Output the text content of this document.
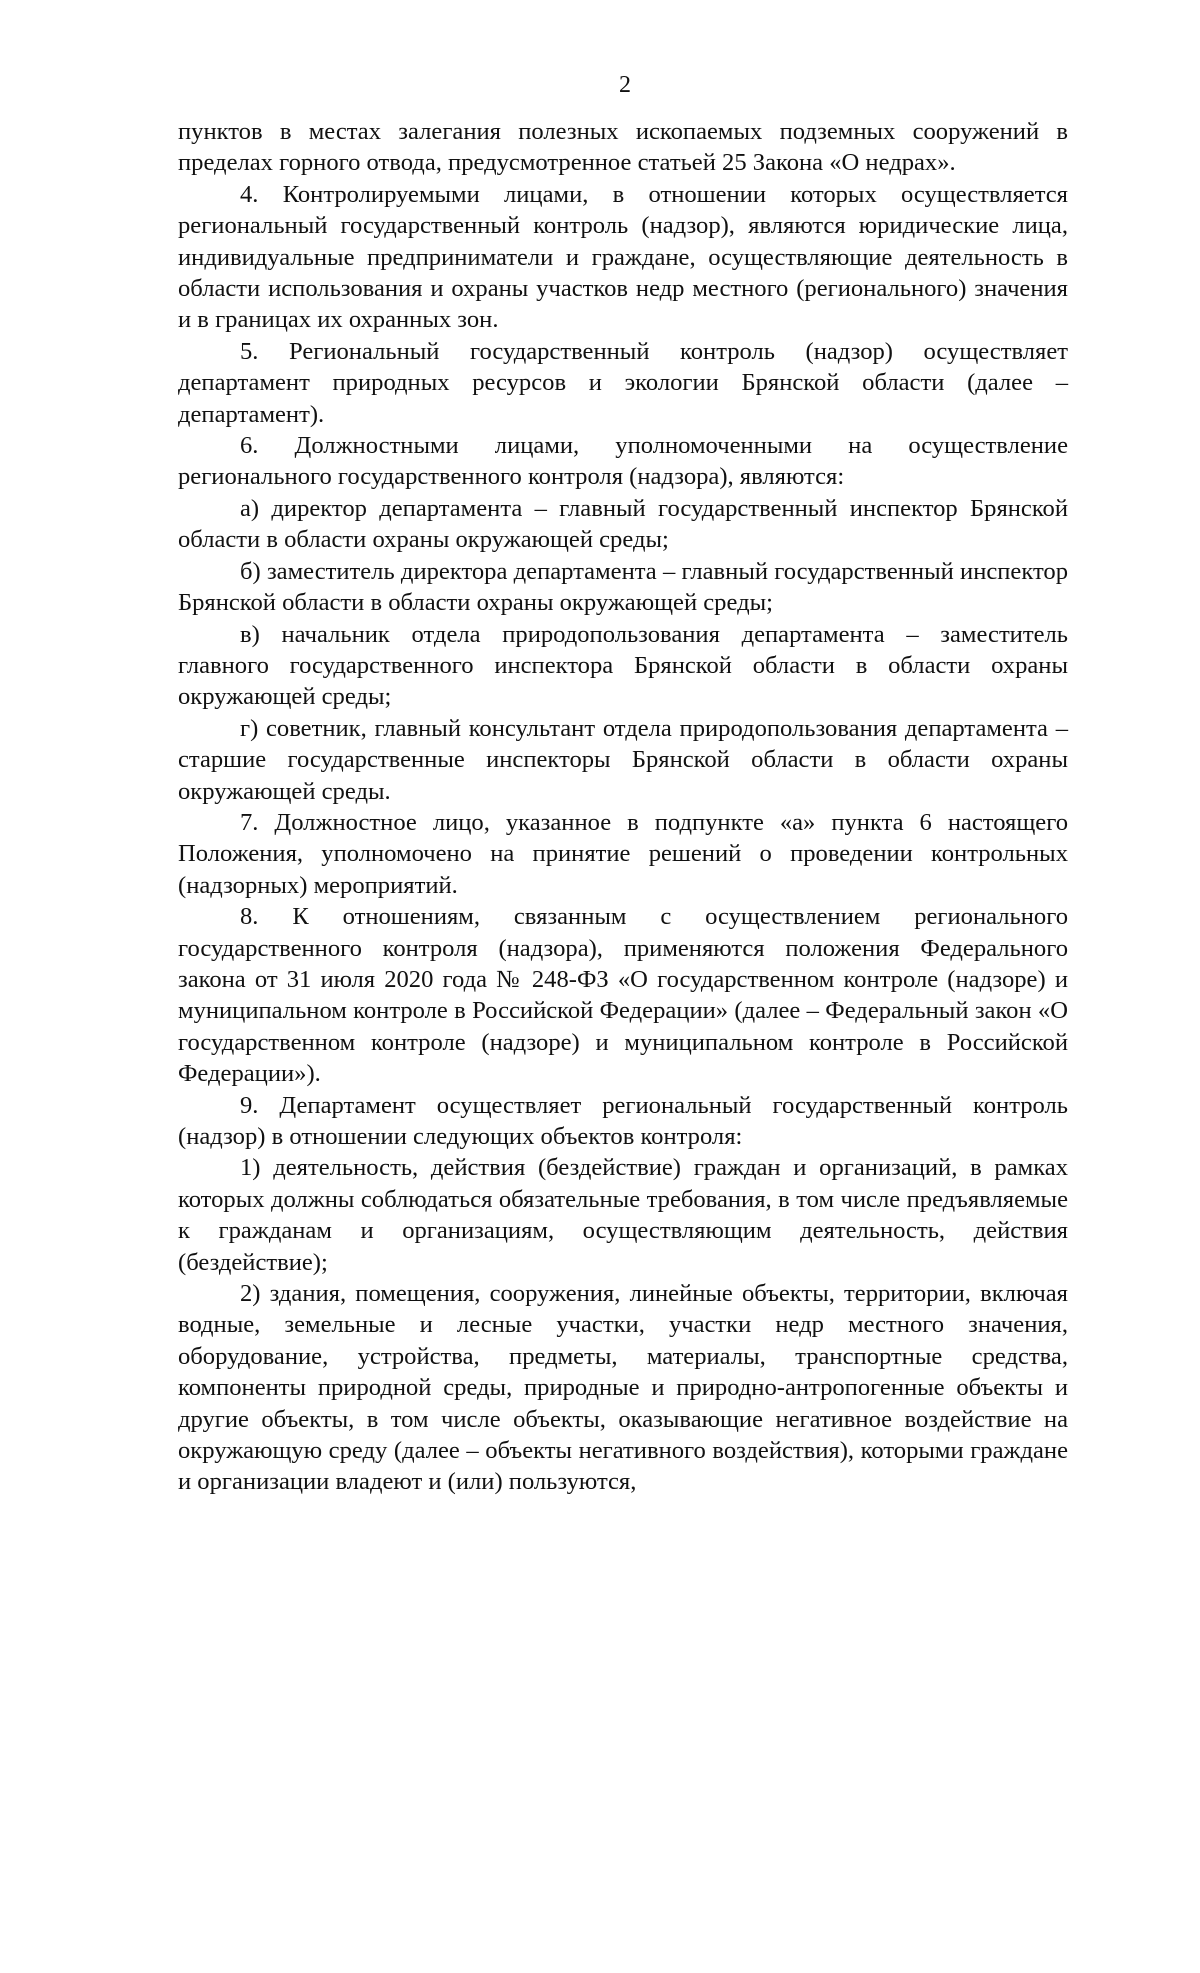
2

пунктов в местах залегания полезных ископаемых подземных сооружений в пределах горного отвода, предусмотренное статьей 25 Закона «О недрах».

4. Контролируемыми лицами, в отношении которых осуществляется региональный государственный контроль (надзор), являются юридические лица, индивидуальные предприниматели и граждане, осуществляющие деятельность в области использования и охраны участков недр местного (регионального) значения и в границах их охранных зон.

5. Региональный государственный контроль (надзор) осуществляет департамент природных ресурсов и экологии Брянской области (далее – департамент).

6. Должностными лицами, уполномоченными на осуществление регионального государственного контроля (надзора), являются:

а) директор департамента – главный государственный инспектор Брянской области в области охраны окружающей среды;

б) заместитель директора департамента – главный государственный инспектор Брянской области в области охраны окружающей среды;

в) начальник отдела природопользования департамента – заместитель главного государственного инспектора Брянской области в области охраны окружающей среды;

г) советник, главный консультант отдела природопользования департамента – старшие государственные инспекторы Брянской области в области охраны окружающей среды.

7. Должностное лицо, указанное в подпункте «а» пункта 6 настоящего Положения, уполномочено на принятие решений о проведении контрольных (надзорных) мероприятий.

8. К отношениям, связанным с осуществлением регионального государственного контроля (надзора), применяются положения Федерального закона от 31 июля 2020 года № 248-ФЗ «О государственном контроле (надзоре) и муниципальном контроле в Российской Федерации» (далее – Федеральный закон «О государственном контроле (надзоре) и муниципальном контроле в Российской Федерации»).

9. Департамент осуществляет региональный государственный контроль (надзор) в отношении следующих объектов контроля:

1) деятельность, действия (бездействие) граждан и организаций, в рамках которых должны соблюдаться обязательные требования, в том числе предъявляемые к гражданам и организациям, осуществляющим деятельность, действия (бездействие);

2) здания, помещения, сооружения, линейные объекты, территории, включая водные, земельные и лесные участки, участки недр местного значения, оборудование, устройства, предметы, материалы, транспортные средства, компоненты природной среды, природные и природно-антропогенные объекты и другие объекты, в том числе объекты, оказывающие негативное воздействие на окружающую среду (далее – объекты негативного воздействия), которыми граждане и организации владеют и (или) пользуются,
